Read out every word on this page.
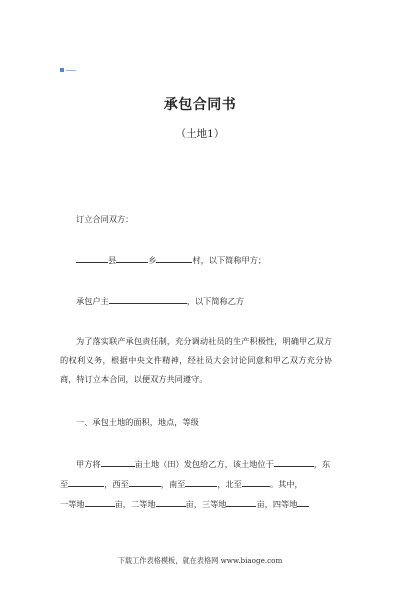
承包合同书
（土地1）
订立合同双方：
县	乡	村，以下简称甲方；
承包户主	，以下简称乙方
为了落实联产承包责任制，充分调动社员的生产积极性，明确甲乙双方的权利义务，根据中央文件精神，经社员大会讨论同意和甲乙双方充分协商，特订立本合同，以便双方共同遵守。
一、承包土地的面积，地点，等级
甲方将	亩土地（田）发包给乙方，该土地位于	，东
至	，西至	，南至	，北至	。其中，
一等地	亩，二等地	亩，三等地	亩，四等地
下载工作表格模板，就在表格网 www.biaoge.com
